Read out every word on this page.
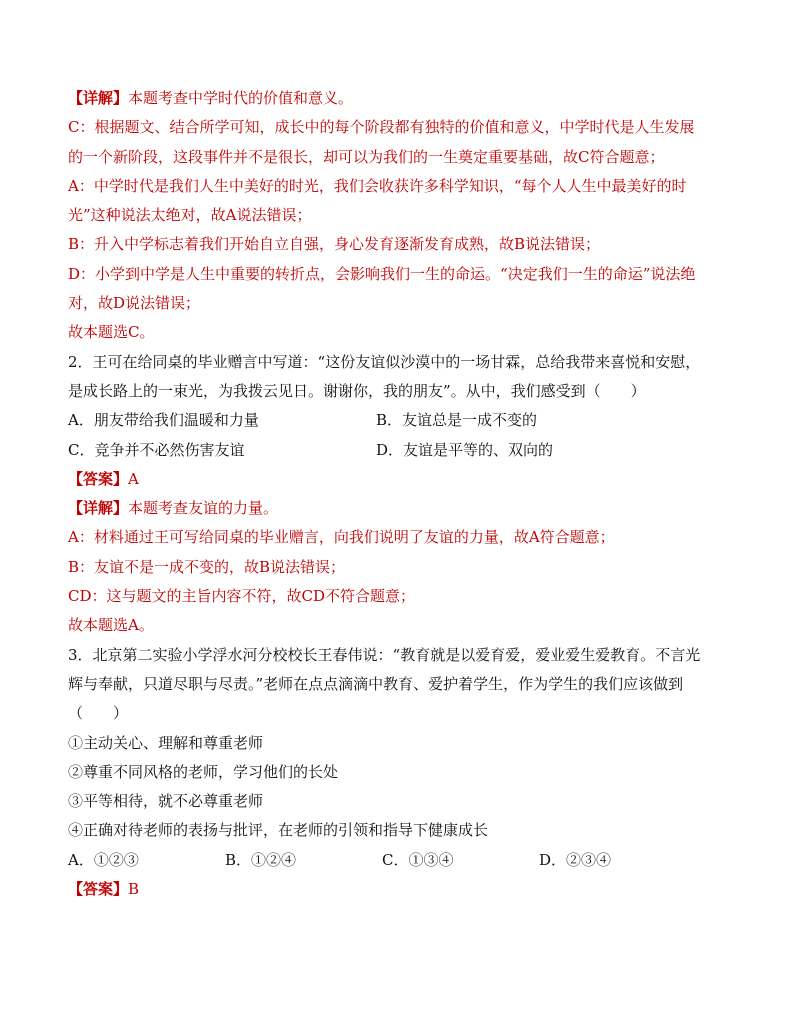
【详解】本题考查中学时代的价值和意义。
C：根据题文、结合所学可知，成长中的每个阶段都有独特的价值和意义，中学时代是人生发展
的一个新阶段，这段事件并不是很长，却可以为我们的一生奠定重要基础，故C符合题意；
A：中学时代是我们人生中美好的时光，我们会收获许多科学知识，“每个人人生中最美好的时
光”这种说法太绝对，故A说法错误；
B：升入中学标志着我们开始自立自强，身心发育逐渐发育成熟，故B说法错误；
D：小学到中学是人生中重要的转折点，会影响我们一生的命运。“决定我们一生的命运”说法绝
对，故D说法错误；
故本题选C。
2．王可在给同桌的毕业赠言中写道：“这份友谊似沙漠中的一场甘霖，总给我带来喜悦和安慰，
是成长路上的一束光，为我拨云见日。谢谢你，我的朋友”。从中，我们感受到（　　）
A．朋友带给我们温暖和力量	B．友谊总是一成不变的
C．竞争并不必然伤害友谊	D．友谊是平等的、双向的
【答案】A
【详解】本题考查友谊的力量。
A：材料通过王可写给同桌的毕业赠言，向我们说明了友谊的力量，故A符合题意；
B：友谊不是一成不变的，故B说法错误；
CD：这与题文的主旨内容不符，故CD不符合题意；
故本题选A。
3．北京第二实验小学浮水河分校校长王春伟说：“教育就是以爱育爱，爱业爱生爱教育。不言光
辉与奉献，只道尽职与尽责。”老师在点点滴滴中教育、爱护着学生，作为学生的我们应该做到
（　　）
①主动关心、理解和尊重老师
②尊重不同风格的老师，学习他们的长处
③平等相待，就不必尊重老师
④正确对待老师的表扬与批评，在老师的引领和指导下健康成长
A．①②③	B．①②④	C．①③④	D．②③④
【答案】B
